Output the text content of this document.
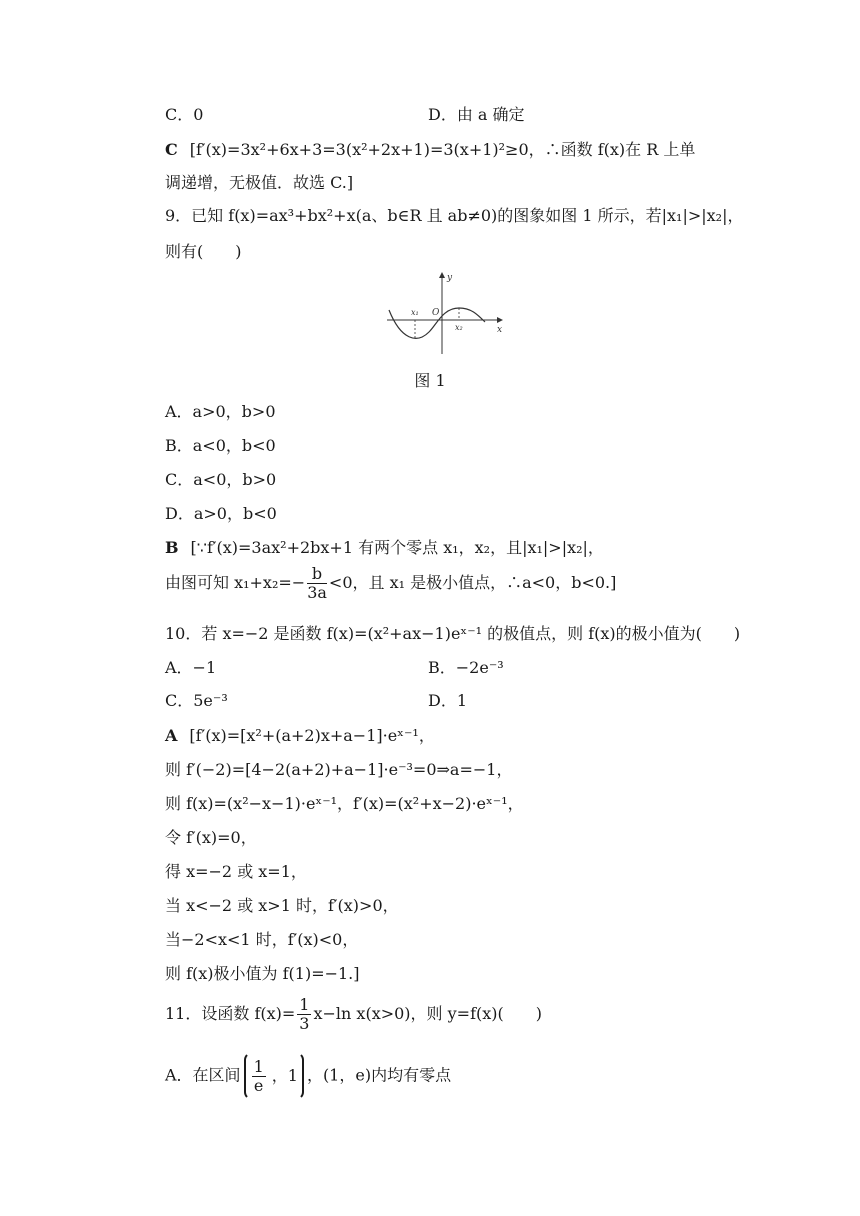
C．0	D．由 a 确定
C [f′(x)=3x²+6x+3=3(x²+2x+1)=3(x+1)²≥0，∴函数 f(x)在 R 上单
调递增，无极值．故选 C.]
9．已知 f(x)=ax³+bx²+x(a、b∈R 且 ab≠0)的图象如图 1 所示，若|x₁|>|x₂|，
则有(　　)
y
x
O
x₁
x₂
图 1
A．a>0，b>0
B．a<0，b<0
C．a<0，b>0
D．a>0，b<0
B [∵f′(x)=3ax²+2bx+1 有两个零点 x₁，x₂，且|x₁|>|x₂|，
由图可知 $x_1+x_2=- \frac{b}{3a} <0$，且 x₁ 是极小值点，∴a<0，b<0.]
10．若 x=−2 是函数 f(x)=(x²+ax−1)eˣ⁻¹ 的极值点，则 f(x)的极小值为(　　)
A．−1	B．−2e⁻³
C．5e⁻³	D．1
A [f′(x)=[x²+(a+2)x+a−1]·eˣ⁻¹，
则 f′(−2)=[4−2(a+2)+a−1]·e⁻³=0⇒a=−1，
则 f(x)=(x²−x−1)·eˣ⁻¹，f′(x)=(x²+x−2)·eˣ⁻¹，
令 f′(x)=0，
得 x=−2 或 x=1，
当 x<−2 或 x>1 时，f′(x)>0，
当−2<x<1 时，f′(x)<0，
则 f(x)极小值为 f(1)=−1.]
11．设函数 $f(x)= \frac{1}{3} x-\ln$ x(x>0)，则 y=f(x)(　　)
A．在区间 $\frac{1}{e}$ ，1 ，(1，e)内均有零点
